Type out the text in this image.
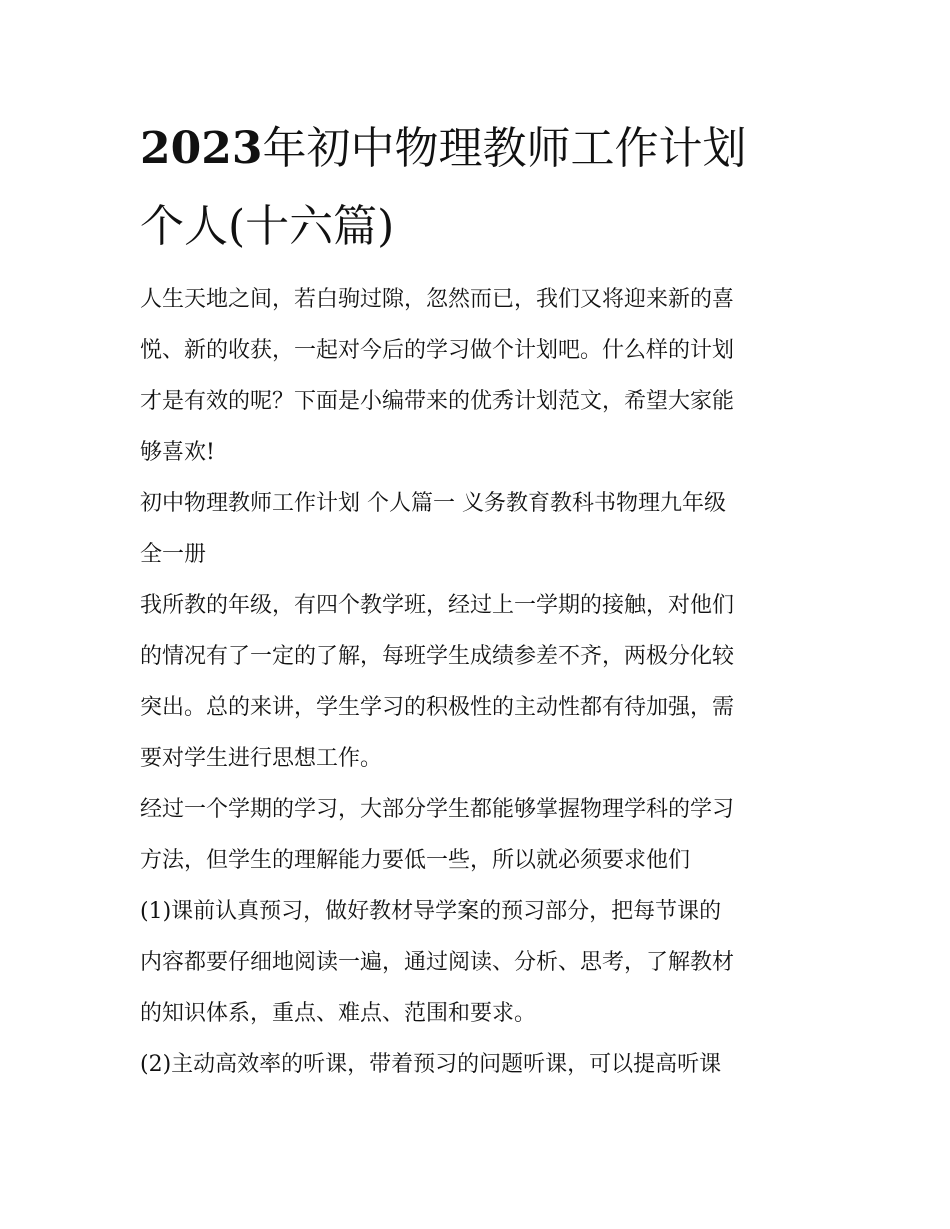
2023年初中物理教师工作计划
个人(十六篇)
人生天地之间，若白驹过隙，忽然而已，我们又将迎来新的喜
悦、新的收获，一起对今后的学习做个计划吧。什么样的计划
才是有效的呢？下面是小编带来的优秀计划范文，希望大家能
够喜欢!
初中物理教师工作计划 个人篇一 义务教育教科书物理九年级
全一册
我所教的年级，有四个教学班，经过上一学期的接触，对他们
的情况有了一定的了解，每班学生成绩参差不齐，两极分化较
突出。总的来讲，学生学习的积极性的主动性都有待加强，需
要对学生进行思想工作。
经过一个学期的学习，大部分学生都能够掌握物理学科的学习
方法，但学生的理解能力要低一些，所以就必须要求他们
(1)课前认真预习，做好教材导学案的预习部分，把每节课的
内容都要仔细地阅读一遍，通过阅读、分析、思考，了解教材
的知识体系，重点、难点、范围和要求。
(2)主动高效率的听课，带着预习的问题听课，可以提高听课
